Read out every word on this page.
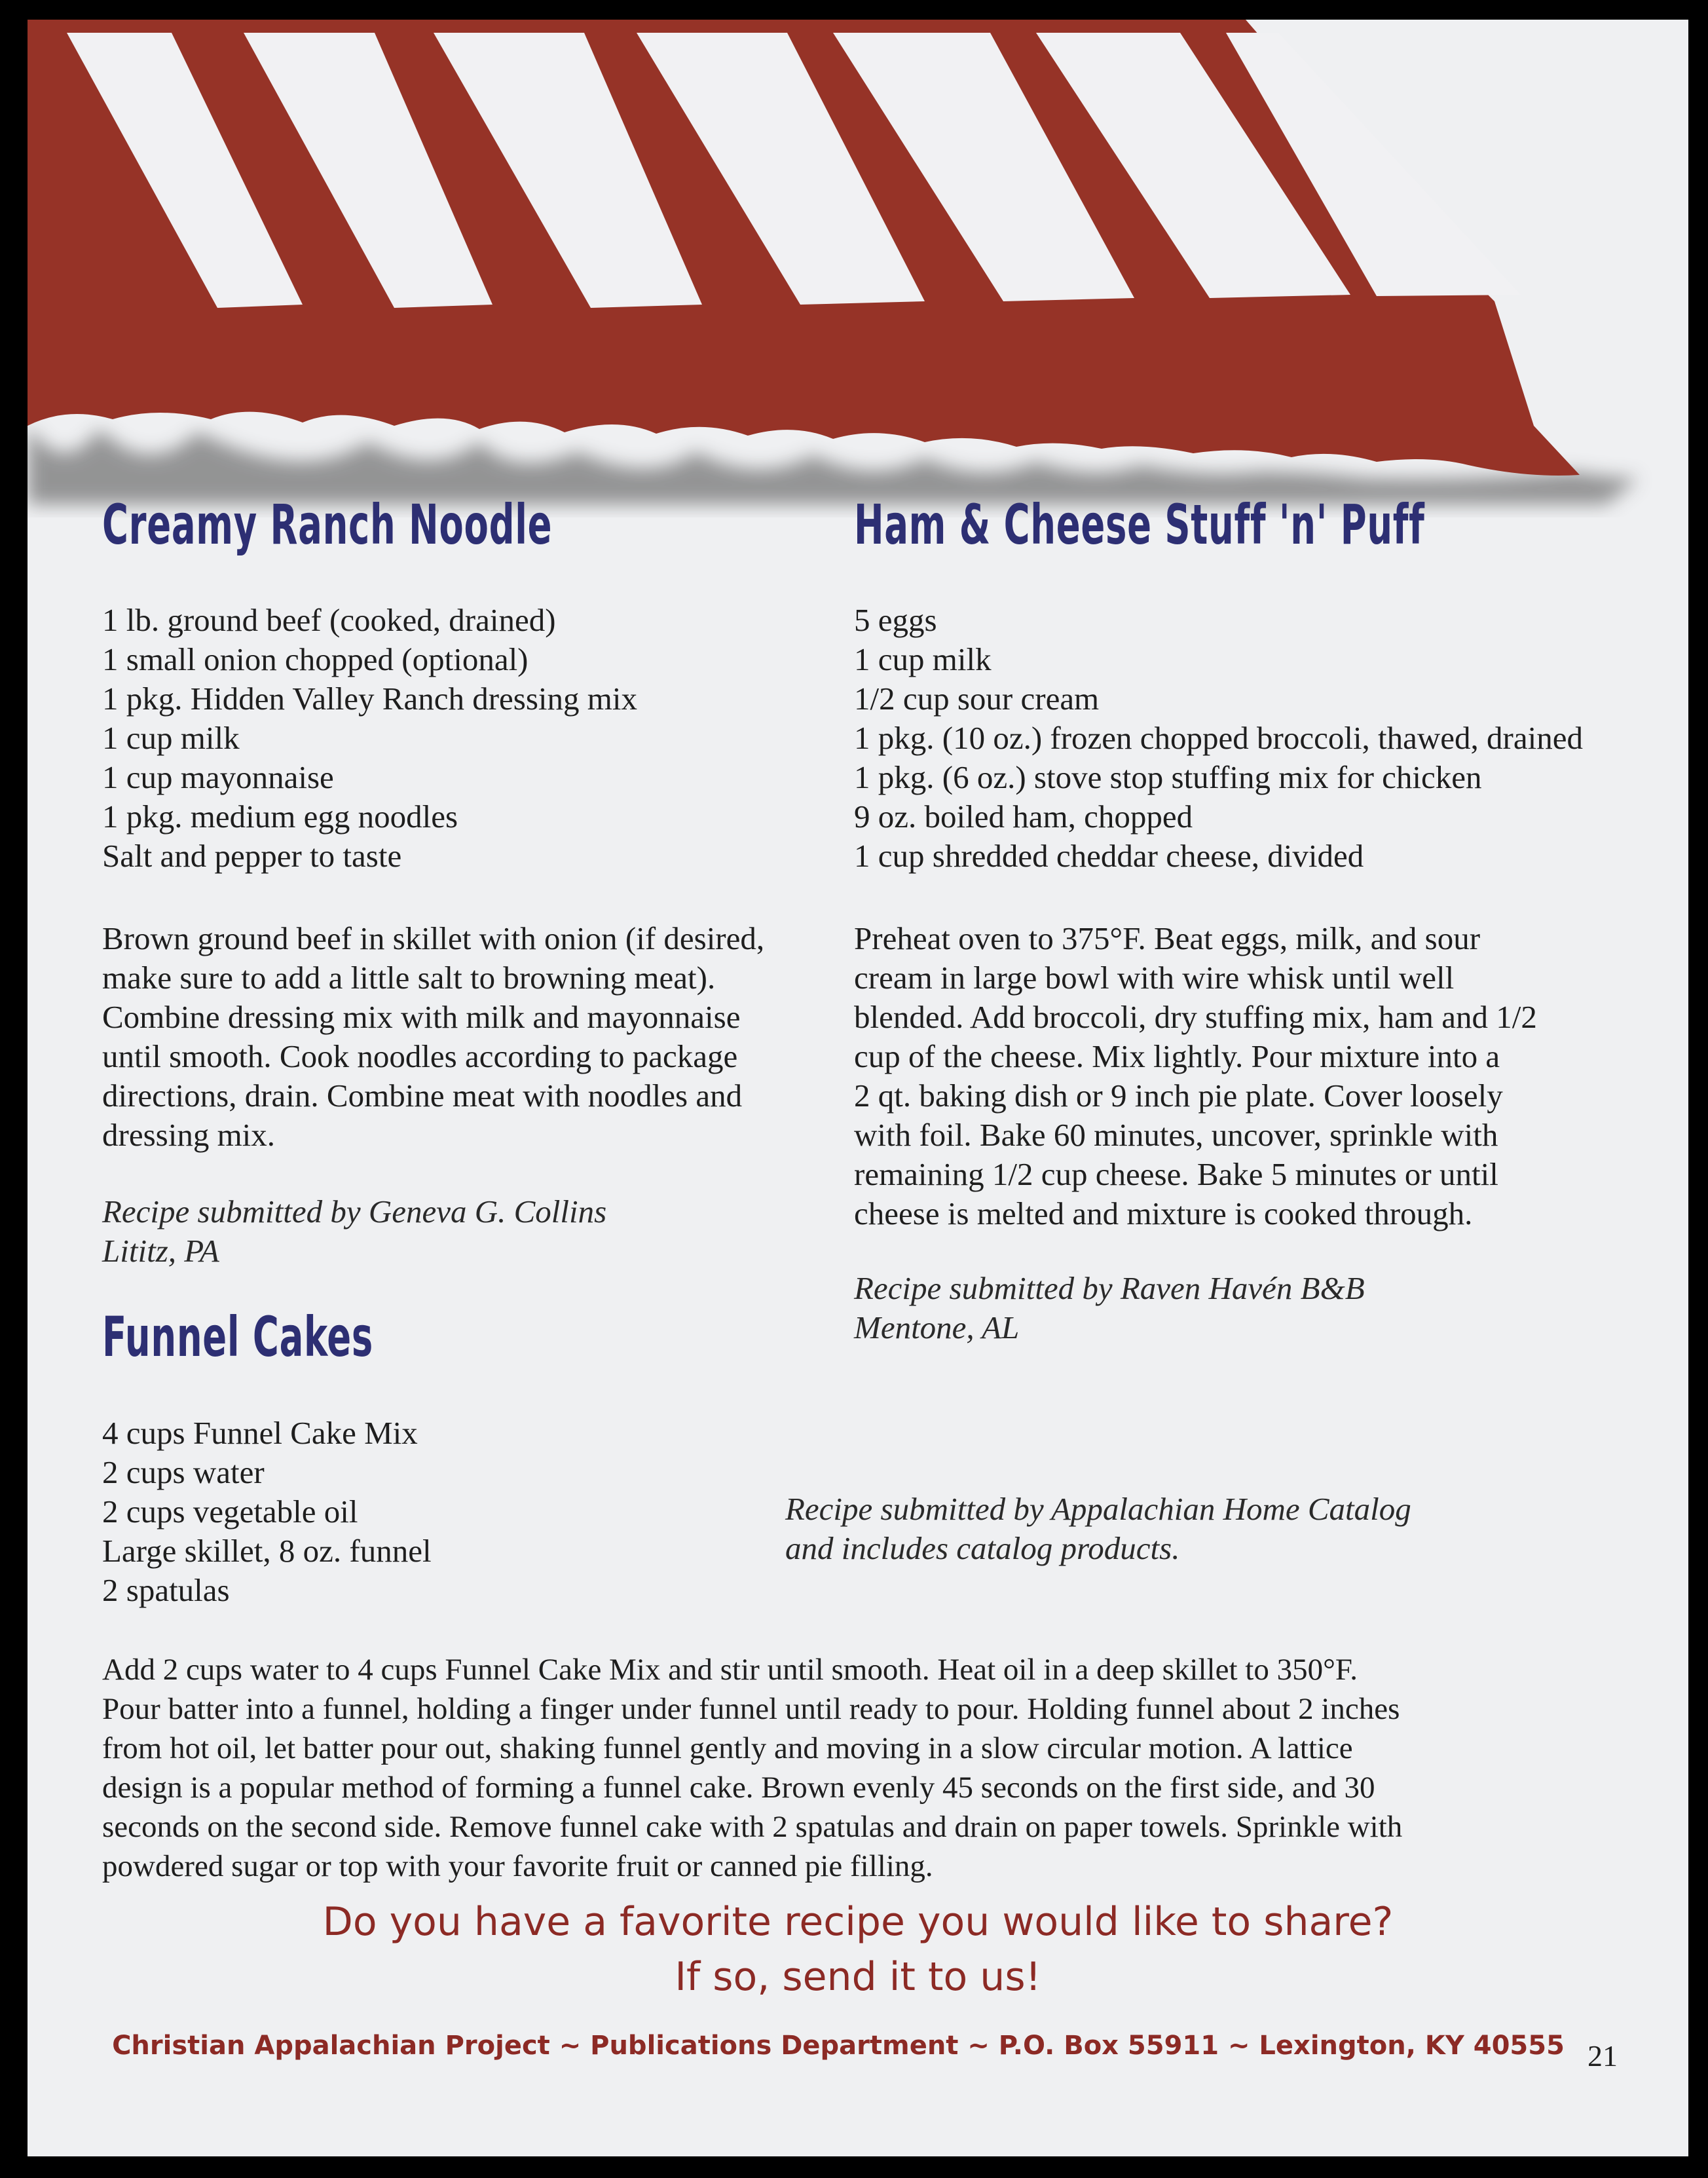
Creamy Ranch Noodle
1 lb. ground beef (cooked, drained)
1 small onion chopped (optional)
1 pkg. Hidden Valley Ranch dressing mix
1 cup milk
1 cup mayonnaise
1 pkg. medium egg noodles
Salt and pepper to taste
Brown ground beef in skillet with onion (if desired,
make sure to add a little salt to browning meat).
Combine dressing mix with milk and mayonnaise
until smooth. Cook noodles according to package
directions, drain. Combine meat with noodles and
dressing mix.
Recipe submitted by Geneva G. Collins
Lititz, PA
Ham & Cheese Stuff 'n' Puff
5 eggs
1 cup milk
1/2 cup sour cream
1 pkg. (10 oz.) frozen chopped broccoli, thawed, drained
1 pkg. (6 oz.) stove stop stuffing mix for chicken
9 oz. boiled ham, chopped
1 cup shredded cheddar cheese, divided
Preheat oven to 375°F. Beat eggs, milk, and sour
cream in large bowl with wire whisk until well
blended. Add broccoli, dry stuffing mix, ham and 1/2
cup of the cheese. Mix lightly. Pour mixture into a
2 qt. baking dish or 9 inch pie plate. Cover loosely
with foil. Bake 60 minutes, uncover, sprinkle with
remaining 1/2 cup cheese. Bake 5 minutes or until
cheese is melted and mixture is cooked through.
Recipe submitted by Raven Havén B&B
Mentone, AL
Funnel Cakes
4 cups Funnel Cake Mix
2 cups water
2 cups vegetable oil
Large skillet, 8 oz. funnel
2 spatulas
Recipe submitted by Appalachian Home Catalog
and includes catalog products.
Add 2 cups water to 4 cups Funnel Cake Mix and stir until smooth. Heat oil in a deep skillet to 350°F.
Pour batter into a funnel, holding a finger under funnel until ready to pour. Holding funnel about 2 inches
from hot oil, let batter pour out, shaking funnel gently and moving in a slow circular motion. A lattice
design is a popular method of forming a funnel cake. Brown evenly 45 seconds on the first side, and 30
seconds on the second side. Remove funnel cake with 2 spatulas and drain on paper towels. Sprinkle with
powdered sugar or top with your favorite fruit or canned pie filling.
Do you have a favorite recipe you would like to share?
If so, send it to us!
Christian Appalachian Project ~ Publications Department ~ P.O. Box 55911 ~ Lexington, KY 40555 21
